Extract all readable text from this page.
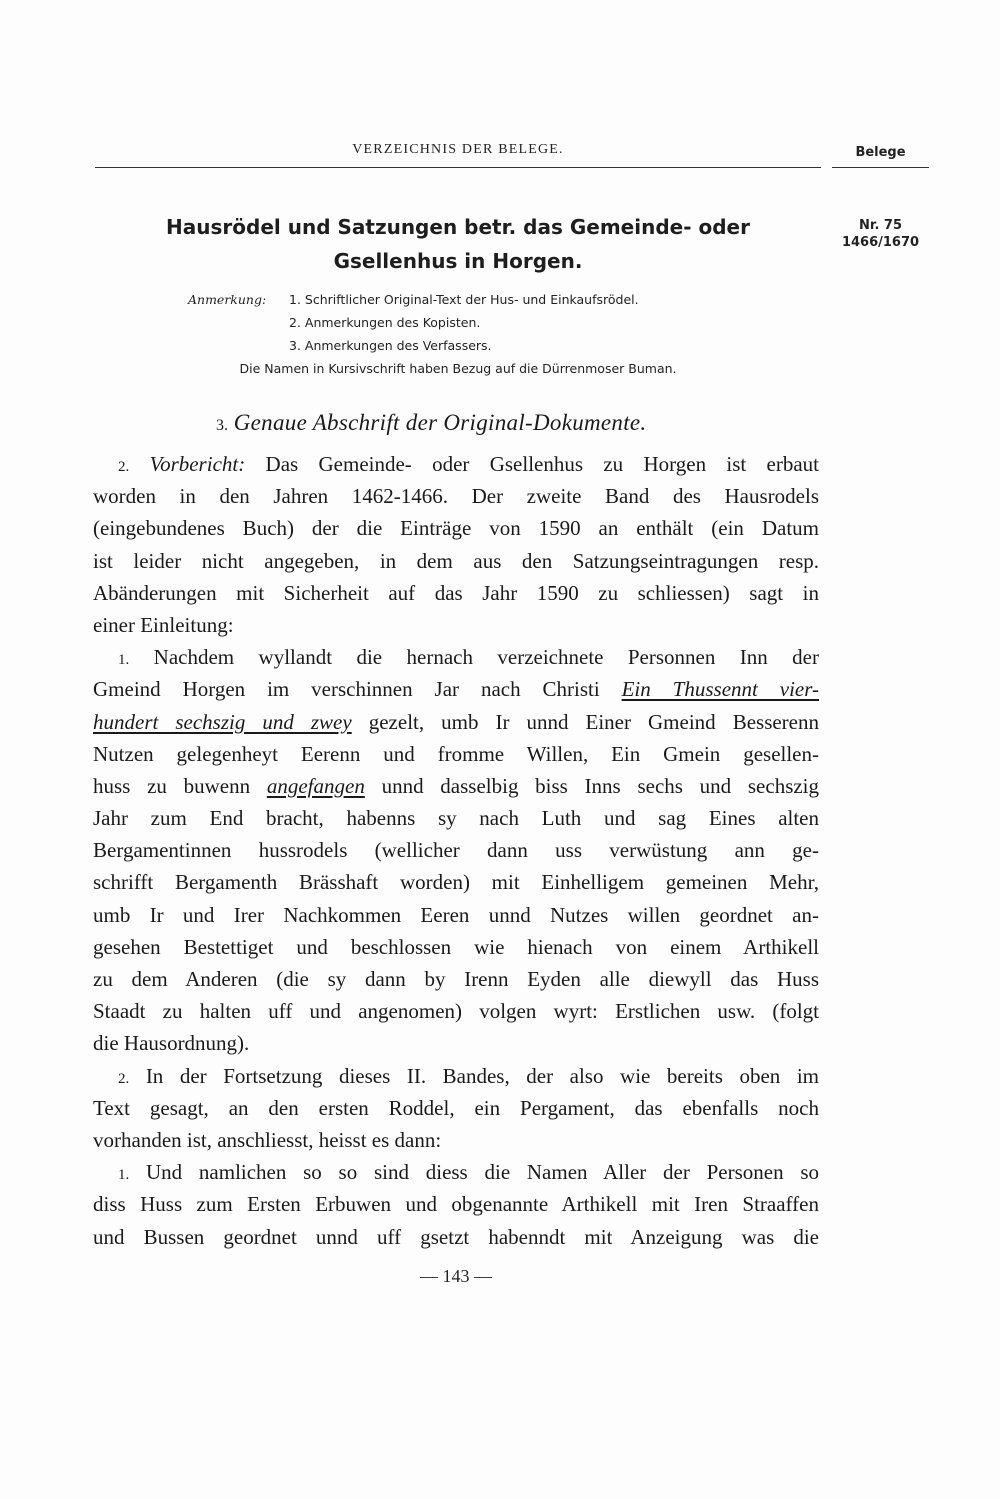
VERZEICHNIS DER BELEGE.	Belege
Hausrödel und Satzungen betr. das Gemeinde- oder
Gsellenhus in Horgen.
Nr. 75
1466/1670
Anmerkung: 1. Schriftlicher Original-Text der Hus- und Einkaufsrödel.
2. Anmerkungen des Kopisten.
3. Anmerkungen des Verfassers.
Die Namen in Kursivschrift haben Bezug auf die Dürrenmoser Buman.
3. Genaue Abschrift der Original-Dokumente.
2. Vorbericht: Das Gemeinde- oder Gsellenhus zu Horgen ist erbaut
worden in den Jahren 1462-1466. Der zweite Band des Hausrodels
(eingebundenes Buch) der die Einträge von 1590 an enthält (ein Datum
ist leider nicht angegeben, in dem aus den Satzungseintragungen resp.
Abänderungen mit Sicherheit auf das Jahr 1590 zu schliessen) sagt in
einer Einleitung:
1. Nachdem wyllandt die hernach verzeichnete Personnen Inn der
Gmeind Horgen im verschinnen Jar nach Christi Ein Thussennt vier-
hundert sechszig und zwey gezelt, umb Ir unnd Einer Gmeind Besserenn
Nutzen gelegenheyt Eerenn und fromme Willen, Ein Gmein gesellen-
huss zu buwenn angefangen unnd dasselbig biss Inns sechs und sechszig
Jahr zum End bracht, habenns sy nach Luth und sag Eines alten
Bergamentinnen hussrodels (wellicher dann uss verwüstung ann ge-
schrifft Bergamenth Brässhaft worden) mit Einhelligem gemeinen Mehr,
umb Ir und Irer Nachkommen Eeren unnd Nutzes willen geordnet an-
gesehen Bestettiget und beschlossen wie hienach von einem Arthikell
zu dem Anderen (die sy dann by Irenn Eyden alle diewyll das Huss
Staadt zu halten uff und angenomen) volgen wyrt: Erstlichen usw. (folgt
die Hausordnung).
2. In der Fortsetzung dieses II. Bandes, der also wie bereits oben im
Text gesagt, an den ersten Roddel, ein Pergament, das ebenfalls noch
vorhanden ist, anschliesst, heisst es dann:
1. Und namlichen so so sind diess die Namen Aller der Personen so
diss Huss zum Ersten Erbuwen und obgenannte Arthikell mit Iren Straaffen
und Bussen geordnet unnd uff gsetzt habenndt mit Anzeigung was die
— 143 —
